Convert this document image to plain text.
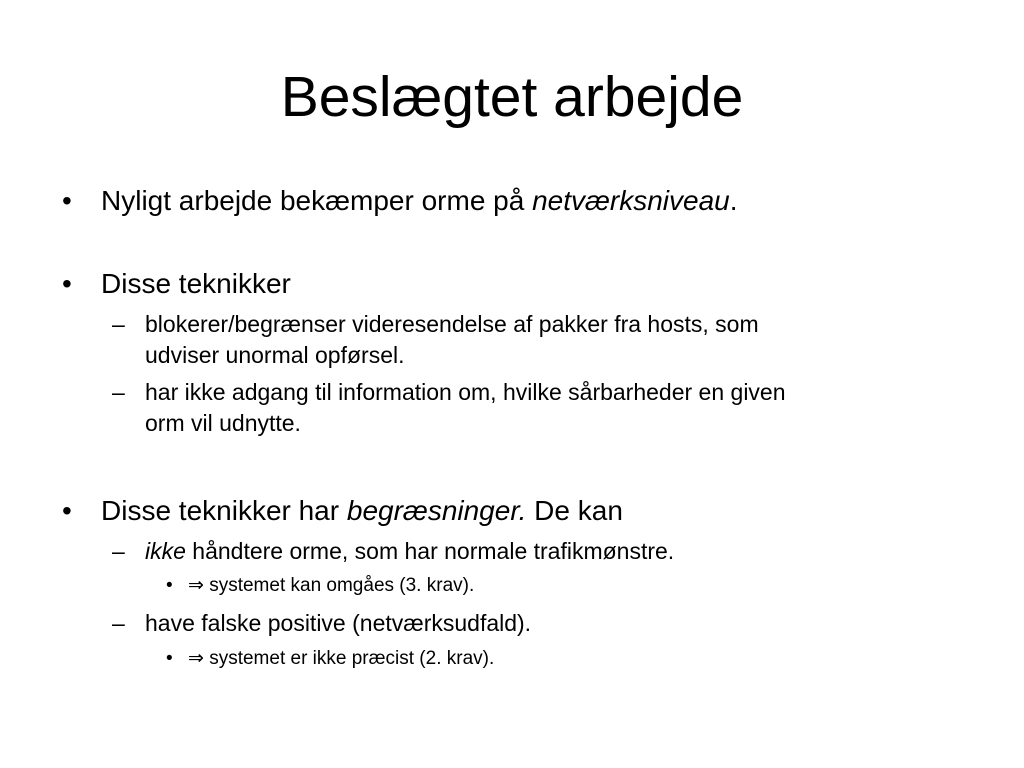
Beslægtet arbejde
• Nyligt arbejde bekæmper orme på netværksniveau.
• Disse teknikker
– blokerer/begrænser videresendelse af pakker fra hosts, som
udviser unormal opførsel.
– har ikke adgang til information om, hvilke sårbarheder en given
orm vil udnytte.
• Disse teknikker har begræsninger. De kan
– ikke håndtere orme, som har normale trafikmønstre.
• ⇒ systemet kan omgåes (3. krav).
– have falske positive (netværksudfald).
• ⇒ systemet er ikke præcist (2. krav).
